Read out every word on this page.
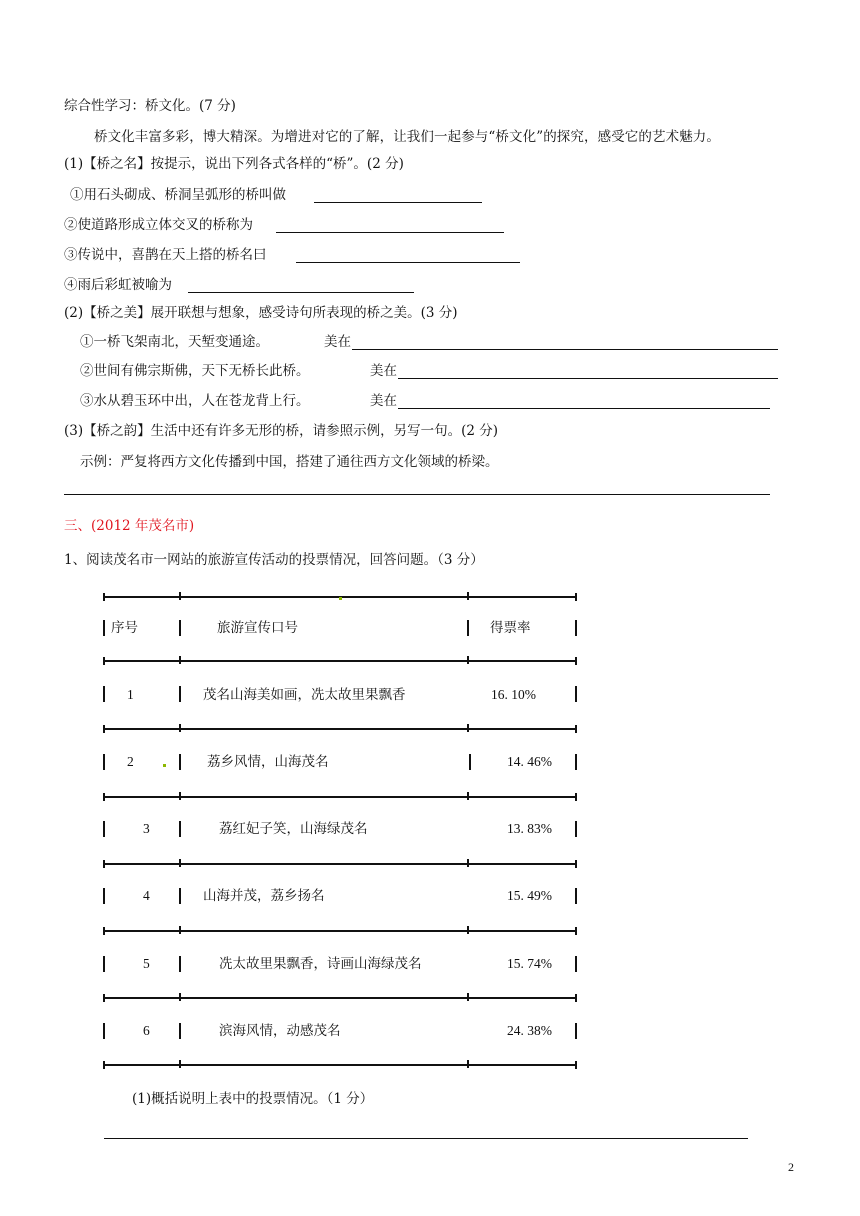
综合性学习：桥文化。(7 分)
桥文化丰富多彩，博大精深。为增进对它的了解，让我们一起参与“桥文化”的探究，感受它的艺术魅力。
(1)【桥之名】按提示，说出下列各式各样的“桥”。(2 分)
①用石头砌成、桥洞呈弧形的桥叫做
②使道路形成立体交叉的桥称为
③传说中，喜鹊在天上搭的桥名曰
④雨后彩虹被喻为
(2)【桥之美】展开联想与想象，感受诗句所表现的桥之美。(3 分)
①一桥飞架南北，天堑变通途。	美在
②世间有佛宗斯佛，天下无桥长此桥。	美在
③水从碧玉环中出，人在苍龙背上行。	美在
(3)【桥之韵】生活中还有许多无形的桥，请参照示例，另写一句。(2 分)
示例：严复将西方文化传播到中国，搭建了通往西方文化领域的桥梁。
三、(2012 年茂名市)
1、阅读茂名市一网站的旅游宣传活动的投票情况，回答问题。（3 分）
序号	旅游宣传口号	得票率
1	茂名山海美如画，冼太故里果飘香	16. 10%
2	荔乡风情，山海茂名	14. 46%
3	荔红妃子笑，山海绿茂名	13. 83%
4	山海并茂，荔乡扬名	15. 49%
5	冼太故里果飘香，诗画山海绿茂名	15. 74%
6	滨海风情，动感茂名	24. 38%
(1)概括说明上表中的投票情况。（1 分）
2
